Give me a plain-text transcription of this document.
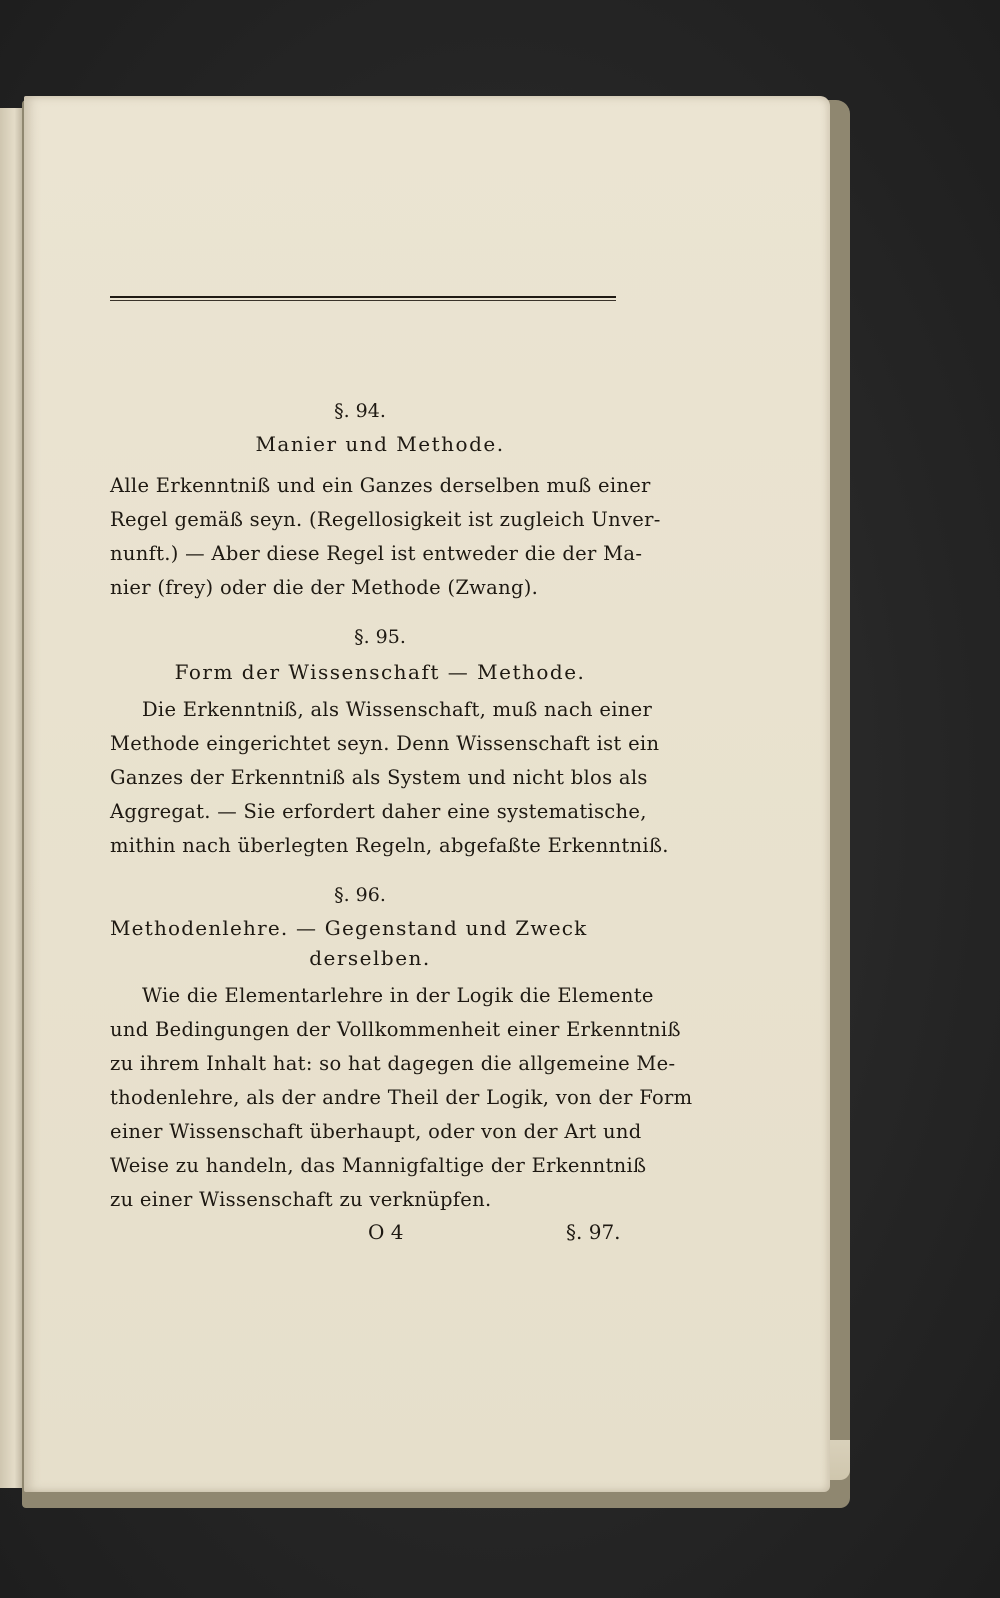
§. 94.
Manier und Methode.
Alle Erkenntniß und ein Ganzes derselben muß einer
Regel gemäß seyn. (Regellosigkeit ist zugleich Unver-
nunft.) — Aber diese Regel ist entweder die der Ma-
nier (frey) oder die der Methode (Zwang).
§. 95.
Form der Wissenschaft — Methode.
Die Erkenntniß, als Wissenschaft, muß nach einer
Methode eingerichtet seyn. Denn Wissenschaft ist ein
Ganzes der Erkenntniß als System und nicht blos als
Aggregat. — Sie erfordert daher eine systematische,
mithin nach überlegten Regeln, abgefaßte Erkenntniß.
§. 96.
Methodenlehre. — Gegenstand und Zweck
derselben.
Wie die Elementarlehre in der Logik die Elemente
und Bedingungen der Vollkommenheit einer Erkenntniß
zu ihrem Inhalt hat: so hat dagegen die allgemeine Me-
thodenlehre, als der andre Theil der Logik, von der Form
einer Wissenschaft überhaupt, oder von der Art und
Weise zu handeln, das Mannigfaltige der Erkenntniß
zu einer Wissenschaft zu verknüpfen.
O 4	§. 97.
